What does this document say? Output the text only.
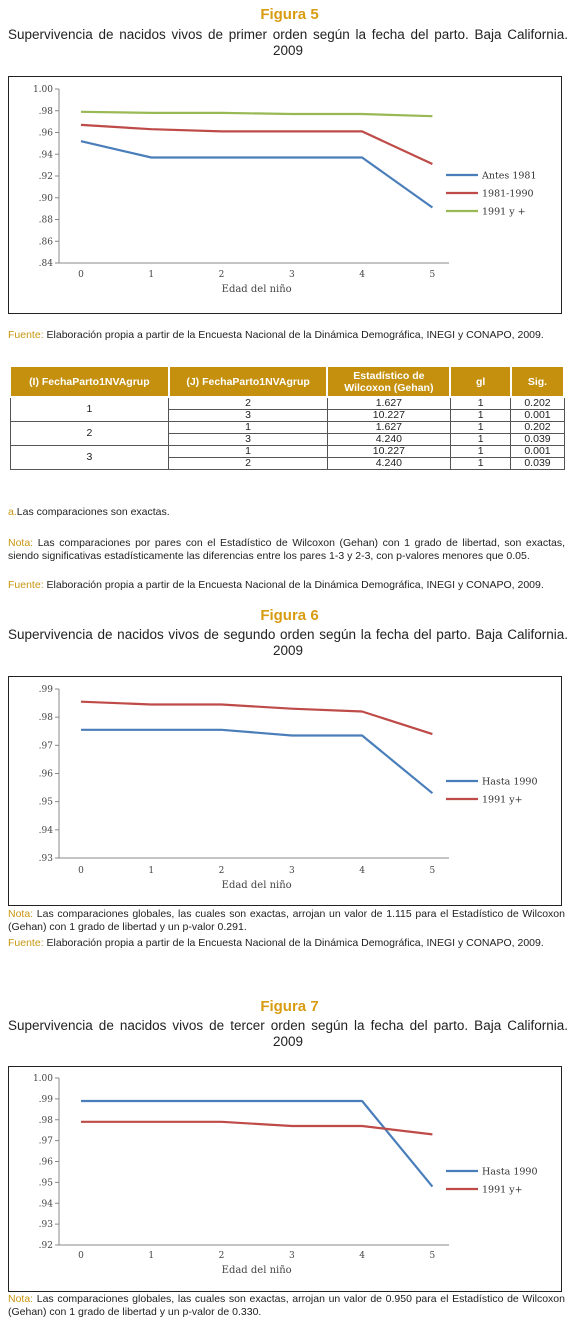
Figura 5
Supervivencia de nacidos vivos de primer orden según la fecha del parto. Baja California. 2009
.84
.86
.88
.90
.92
.94
.96
.98
1.00
0	1	2	3	4	5
Edad del niño
Antes 1981
1981-1990
1991 y +
Fuente: Elaboración propia a partir de la Encuesta Nacional de la Dinámica Demográfica, INEGI y CONAPO, 2009.
(I) FechaParto1NVAgrup	(J) FechaParto1NVAgrup	Estadístico de Wilcoxon (Gehan)	gl	Sig.
1	2	1.627	1	0.202
	3	10.227	1	0.001
2	1	1.627	1	0.202
	3	4.240	1	0.039
3	1	10.227	1	0.001
	2	4.240	1	0.039
a.Las comparaciones son exactas.
Nota: Las comparaciones por pares con el Estadístico de Wilcoxon (Gehan) con 1 grado de libertad, son exactas, siendo significativas estadísticamente las diferencias entre los pares 1-3 y 2-3, con p-valores menores que 0.05.
Fuente: Elaboración propia a partir de la Encuesta Nacional de la Dinámica Demográfica, INEGI y CONAPO, 2009.
Figura 6
Supervivencia de nacidos vivos de segundo orden según la fecha del parto. Baja California. 2009
.93
.94
.95
.96
.97
.98
.99
0	1	2	3	4	5
Edad del niño
Hasta 1990
1991 y+
Nota: Las comparaciones globales, las cuales son exactas, arrojan un valor de 1.115 para el Estadístico de Wilcoxon (Gehan) con 1 grado de libertad y un p-valor 0.291.
Fuente: Elaboración propia a partir de la Encuesta Nacional de la Dinámica Demográfica, INEGI y CONAPO, 2009.
Figura 7
Supervivencia de nacidos vivos de tercer orden según la fecha del parto. Baja California. 2009
.92
.93
.94
.95
.96
.97
.98
.99
1.00
0	1	2	3	4	5
Edad del niño
Hasta 1990
1991 y+
Nota: Las comparaciones globales, las cuales son exactas, arrojan un valor de 0.950 para el Estadístico de Wilcoxon (Gehan) con 1 grado de libertad y un p-valor de 0.330.
